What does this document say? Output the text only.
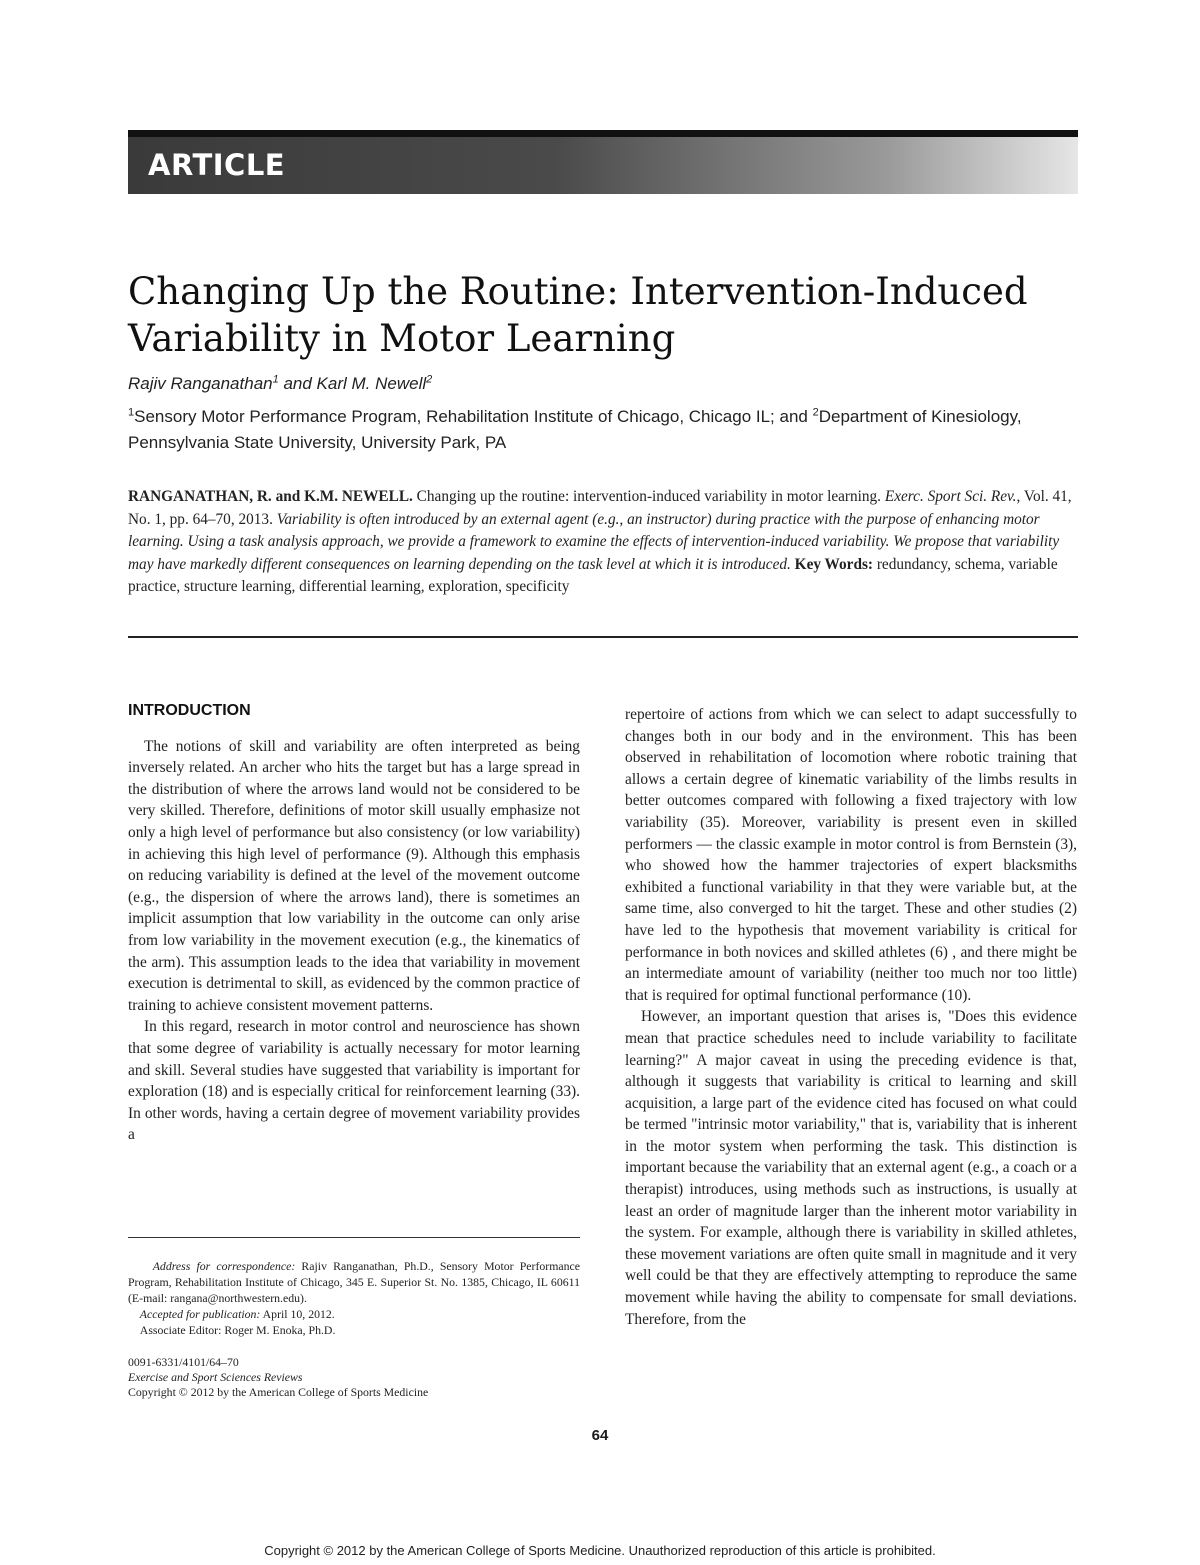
ARTICLE
Changing Up the Routine: Intervention-Induced Variability in Motor Learning
Rajiv Ranganathan$^1$ and Karl M. Newell$^2$
$^1$Sensory Motor Performance Program, Rehabilitation Institute of Chicago, Chicago IL; and $^2$Department of Kinesiology, Pennsylvania State University, University Park, PA

RANGANATHAN, R. and K.M. NEWELL. Changing up the routine: intervention-induced variability in motor learning. Exerc. Sport Sci. Rev., Vol. 41, No. 1, pp. 64–70, 2013. Variability is often introduced by an external agent (e.g., an instructor) during practice with the purpose of enhancing motor learning. Using a task analysis approach, we provide a framework to examine the effects of intervention-induced variability. We propose that variability may have markedly different consequences on learning depending on the task level at which it is introduced. Key Words: redundancy, schema, variable practice, structure learning, differential learning, exploration, specificity

INTRODUCTION

The notions of skill and variability are often interpreted as being inversely related. An archer who hits the target but has a large spread in the distribution of where the arrows land would not be considered to be very skilled. Therefore, definitions of motor skill usually emphasize not only a high level of performance but also consistency (or low variability) in achieving this high level of performance (9). Although this emphasis on reducing variability is defined at the level of the movement outcome (e.g., the dispersion of where the arrows land), there is sometimes an implicit assumption that low variability in the outcome can only arise from low variability in the movement execution (e.g., the kinematics of the arm). This assumption leads to the idea that variability in movement execution is detrimental to skill, as evidenced by the common practice of training to achieve consistent movement patterns.

In this regard, research in motor control and neuroscience has shown that some degree of variability is actually necessary for motor learning and skill. Several studies have suggested that variability is important for exploration (18) and is especially critical for reinforcement learning (33). In other words, having a certain degree of movement variability provides a

repertoire of actions from which we can select to adapt successfully to changes both in our body and in the environment. This has been observed in rehabilitation of locomotion where robotic training that allows a certain degree of kinematic variability of the limbs results in better outcomes compared with following a fixed trajectory with low variability (35). Moreover, variability is present even in skilled performers — the classic example in motor control is from Bernstein (3), who showed how the hammer trajectories of expert blacksmiths exhibited a functional variability in that they were variable but, at the same time, also converged to hit the target. These and other studies (2) have led to the hypothesis that movement variability is critical for performance in both novices and skilled athletes (6) , and there might be an intermediate amount of variability (neither too much nor too little) that is required for optimal functional performance (10).

However, an important question that arises is, "Does this evidence mean that practice schedules need to include variability to facilitate learning?" A major caveat in using the preceding evidence is that, although it suggests that variability is critical to learning and skill acquisition, a large part of the evidence cited has focused on what could be termed "intrinsic motor variability," that is, variability that is inherent in the motor system when performing the task. This distinction is important because the variability that an external agent (e.g., a coach or a therapist) introduces, using methods such as instructions, is usually at least an order of magnitude larger than the inherent motor variability in the system. For example, although there is variability in skilled athletes, these movement variations are often quite small in magnitude and it very well could be that they are effectively attempting to reproduce the same movement while having the ability to compensate for small deviations. Therefore, from the

Address for correspondence: Rajiv Ranganathan, Ph.D., Sensory Motor Performance Program, Rehabilitation Institute of Chicago, 345 E. Superior St. No. 1385, Chicago, IL 60611 (E-mail: rangana@northwestern.edu).
Accepted for publication: April 10, 2012.
Associate Editor: Roger M. Enoka, Ph.D.

0091-6331/4101/64–70
Exercise and Sport Sciences Reviews
Copyright © 2012 by the American College of Sports Medicine
64
Copyright © 2012 by the American College of Sports Medicine. Unauthorized reproduction of this article is prohibited.
